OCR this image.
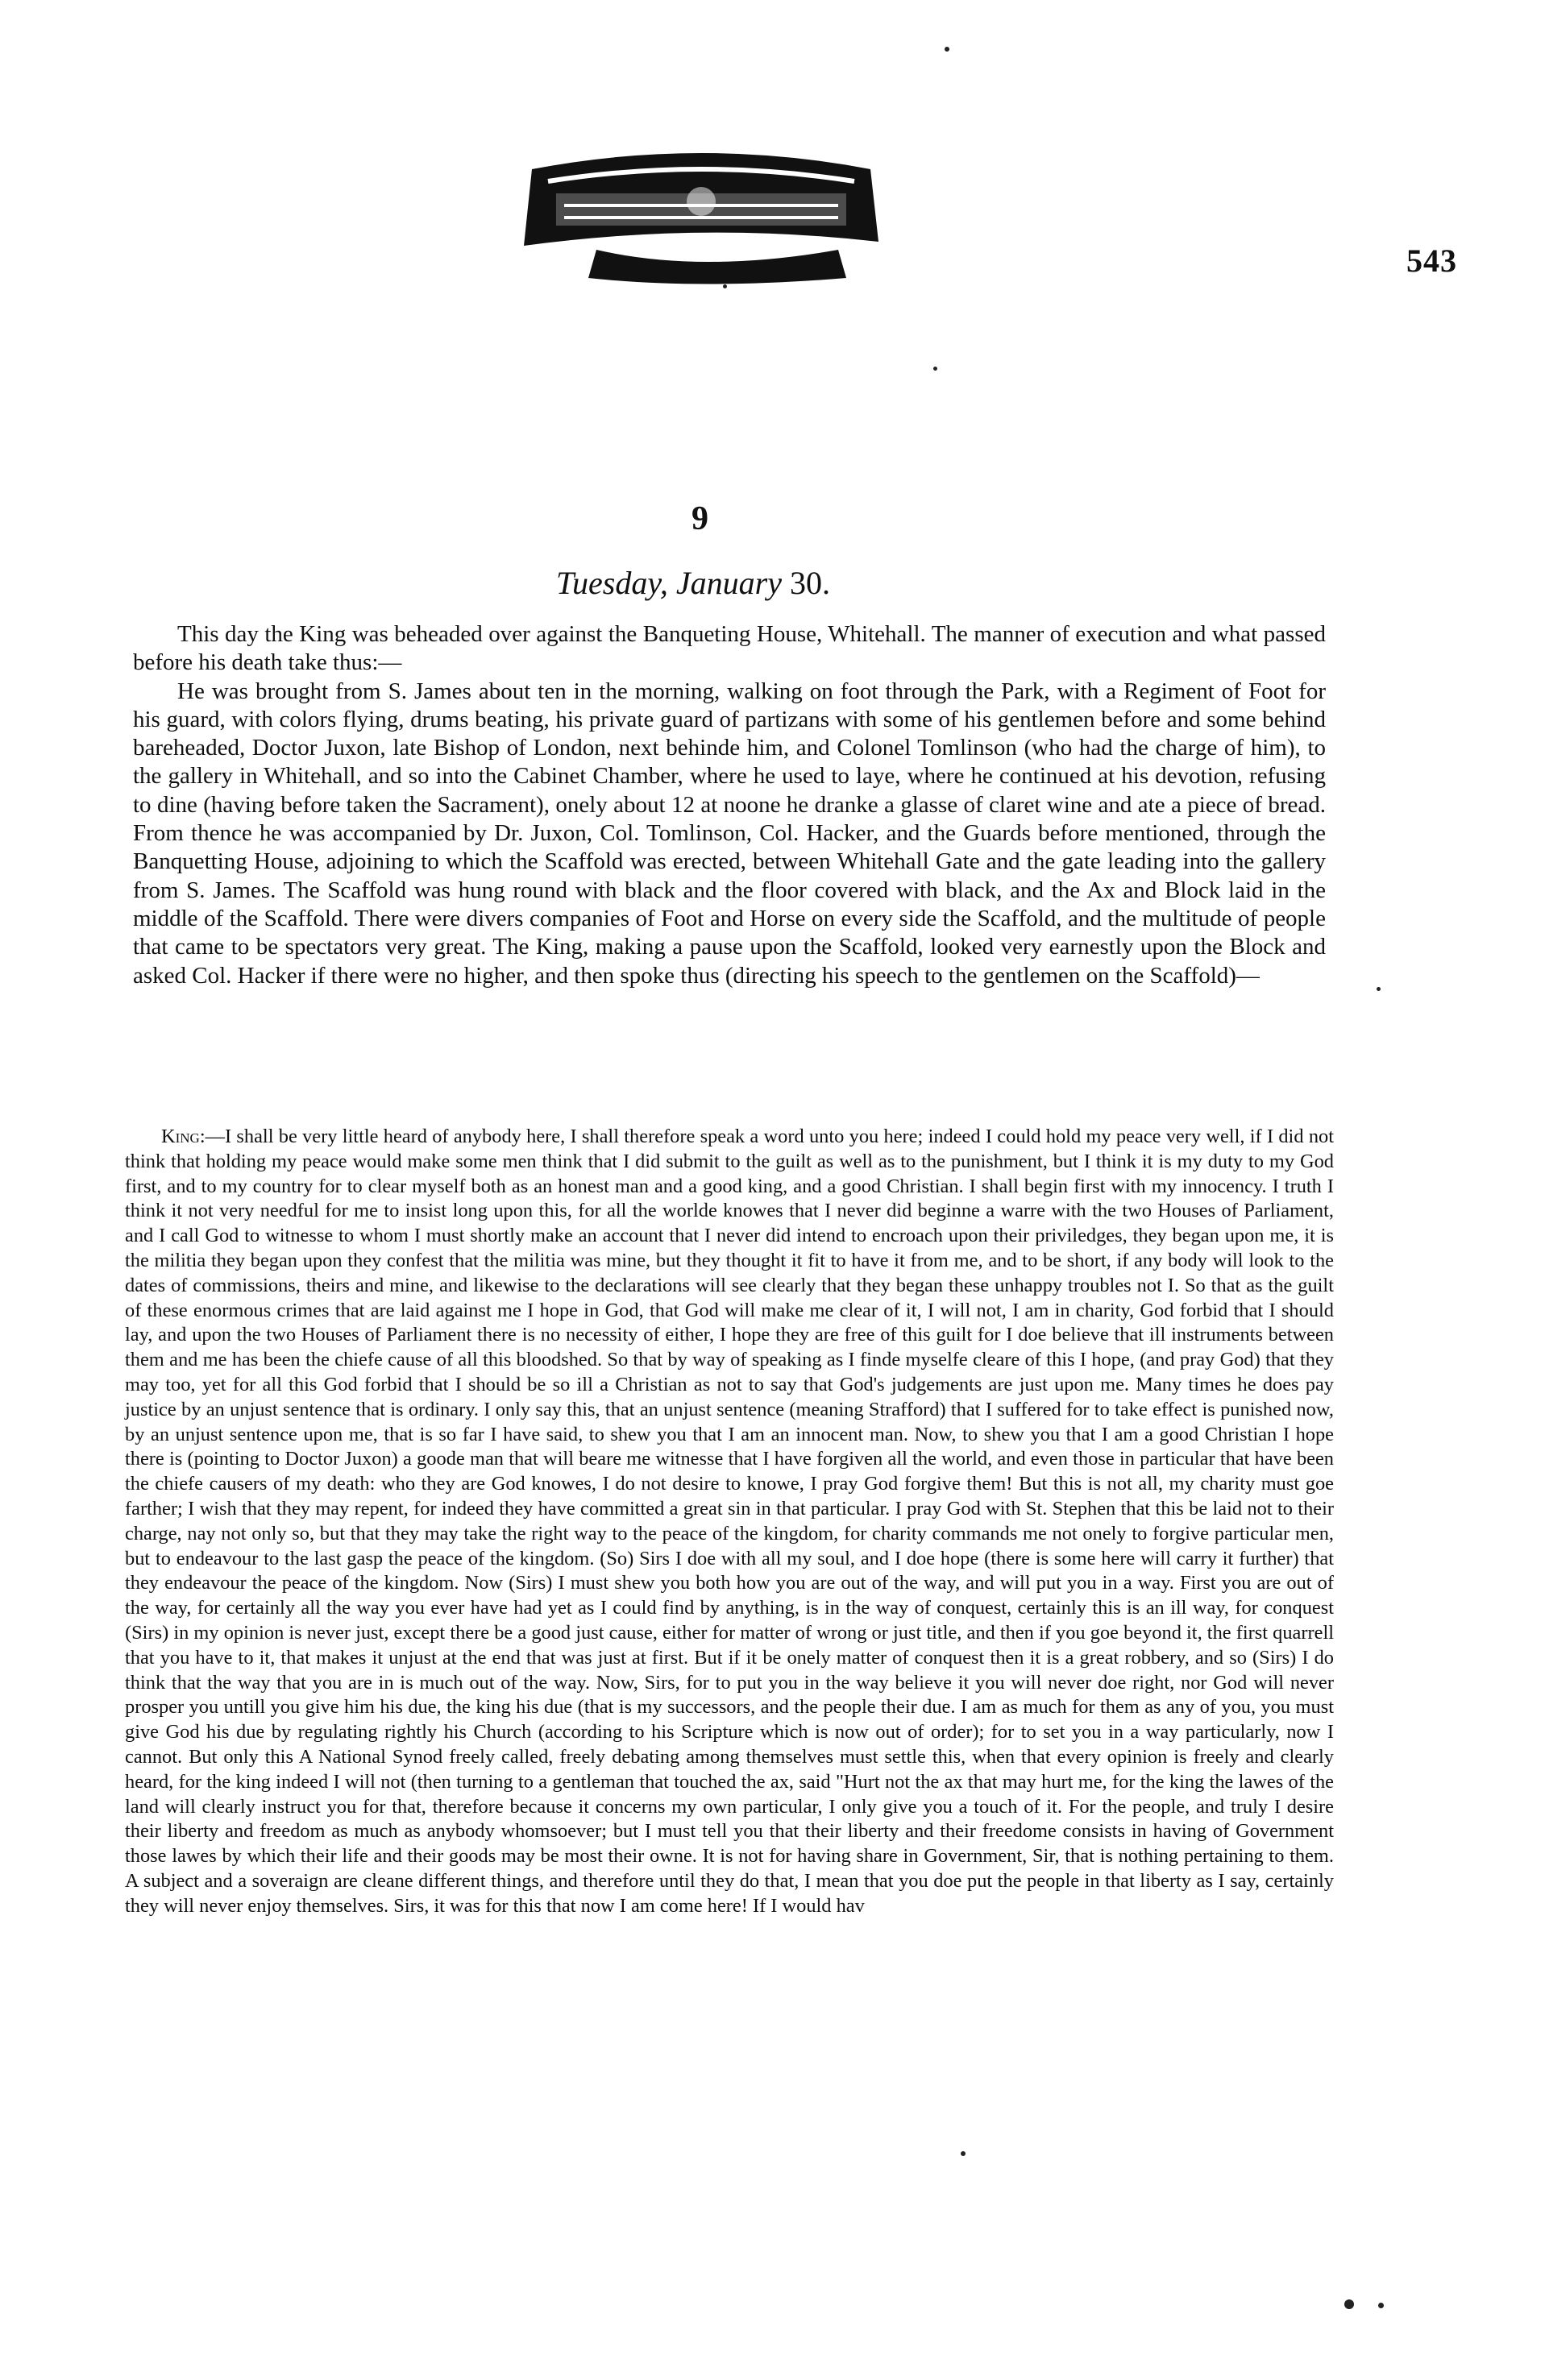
543
9
Tuesday, January 30.

This day the King was beheaded over against the Banqueting House, Whitehall. The manner of execution and what passed before his death take thus:—

He was brought from S. James about ten in the morning, walking on foot through the Park, with a Regiment of Foot for his guard, with colors flying, drums beating, his private guard of partizans with some of his gentlemen before and some behind bareheaded, Doctor Juxon, late Bishop of London, next behinde him, and Colonel Tomlinson (who had the charge of him), to the gallery in Whitehall, and so into the Cabinet Chamber, where he used to laye, where he continued at his devotion, refusing to dine (having before taken the Sacrament), onely about 12 at noone he dranke a glasse of claret wine and ate a piece of bread. From thence he was accompanied by Dr. Juxon, Col. Tomlinson, Col. Hacker, and the Guards before mentioned, through the Banquetting House, adjoining to which the Scaffold was erected, between Whitehall Gate and the gate leading into the gallery from S. James. The Scaffold was hung round with black and the floor covered with black, and the Ax and Block laid in the middle of the Scaffold. There were divers companies of Foot and Horse on every side the Scaffold, and the multitude of people that came to be spectators very great. The King, making a pause upon the Scaffold, looked very earnestly upon the Block and asked Col. Hacker if there were no higher, and then spoke thus (directing his speech to the gentlemen on the Scaffold)—

King:—I shall be very little heard of anybody here, I shall therefore speak a word unto you here; indeed I could hold my peace very well, if I did not think that holding my peace would make some men think that I did submit to the guilt as well as to the punishment, but I think it is my duty to my God first, and to my country for to clear myself both as an honest man and a good king, and a good Christian. I shall begin first with my innocency. I truth I think it not very needful for me to insist long upon this, for all the worlde knowes that I never did beginne a warre with the two Houses of Parliament, and I call God to witnesse to whom I must shortly make an account that I never did intend to encroach upon their priviledges, they began upon me, it is the militia they began upon they confest that the militia was mine, but they thought it fit to have it from me, and to be short, if any body will look to the dates of commissions, theirs and mine, and likewise to the declarations will see clearly that they began these unhappy troubles not I. So that as the guilt of these enormous crimes that are laid against me I hope in God, that God will make me clear of it, I will not, I am in charity, God forbid that I should lay, and upon the two Houses of Parliament there is no necessity of either, I hope they are free of this guilt for I doe believe that ill instruments between them and me has been the chiefe cause of all this bloodshed. So that by way of speaking as I finde myselfe cleare of this I hope, (and pray God) that they may too, yet for all this God forbid that I should be so ill a Christian as not to say that God's judgements are just upon me. Many times he does pay justice by an unjust sentence that is ordinary. I only say this, that an unjust sentence (meaning Strafford) that I suffered for to take effect is punished now, by an unjust sentence upon me, that is so far I have said, to shew you that I am an innocent man. Now, to shew you that I am a good Christian I hope there is (pointing to Doctor Juxon) a goode man that will beare me witnesse that I have forgiven all the world, and even those in particular that have been the chiefe causers of my death: who they are God knowes, I do not desire to knowe, I pray God forgive them! But this is not all, my charity must goe farther; I wish that they may repent, for indeed they have committed a great sin in that particular. I pray God with St. Stephen that this be laid not to their charge, nay not only so, but that they may take the right way to the peace of the kingdom, for charity commands me not onely to forgive particular men, but to endeavour to the last gasp the peace of the kingdom. (So) Sirs I doe with all my soul, and I doe hope (there is some here will carry it further) that they endeavour the peace of the kingdom. Now (Sirs) I must shew you both how you are out of the way, and will put you in a way. First you are out of the way, for certainly all the way you ever have had yet as I could find by anything, is in the way of conquest, certainly this is an ill way, for conquest (Sirs) in my opinion is never just, except there be a good just cause, either for matter of wrong or just title, and then if you goe beyond it, the first quarrell that you have to it, that makes it unjust at the end that was just at first. But if it be onely matter of conquest then it is a great robbery, and so (Sirs) I do think that the way that you are in is much out of the way. Now, Sirs, for to put you in the way believe it you will never doe right, nor God will never prosper you untill you give him his due, the king his due (that is my successors, and the people their due. I am as much for them as any of you, you must give God his due by regulating rightly his Church (according to his Scripture which is now out of order); for to set you in a way particularly, now I cannot. But only this A National Synod freely called, freely debating among themselves must settle this, when that every opinion is freely and clearly heard, for the king indeed I will not (then turning to a gentleman that touched the ax, said "Hurt not the ax that may hurt me, for the king the lawes of the land will clearly instruct you for that, therefore because it concerns my own particular, I only give you a touch of it. For the people, and truly I desire their liberty and freedom as much as anybody whomsoever; but I must tell you that their liberty and their freedome consists in having of Government those lawes by which their life and their goods may be most their owne. It is not for having share in Government, Sir, that is nothing pertaining to them. A subject and a soveraign are cleane different things, and therefore until they do that, I mean that you doe put the people in that liberty as I say, certainly they will never enjoy themselves. Sirs, it was for this that now I am come here! If I would hav
